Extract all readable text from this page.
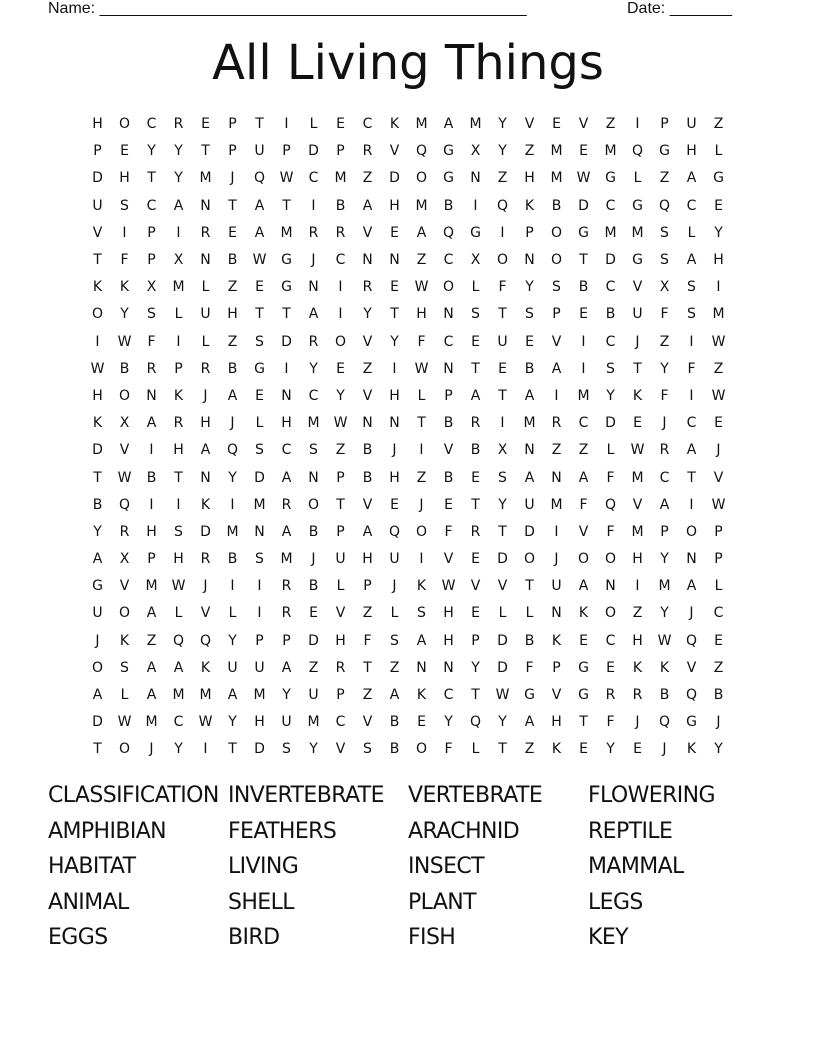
Name: ________________________________________________	Date: _______
All Living Things
H	O	C	R	E	P	T	I	L	E	C	K	M	A	M	Y	V	E	V	Z	I	P	U	Z
P	E	Y	Y	T	P	U	P	D	P	R	V	Q	G	X	Y	Z	M	E	M	Q	G	H	L
D	H	T	Y	M	J	Q	W	C	M	Z	D	O	G	N	Z	H	M	W	G	L	Z	A	G
U	S	C	A	N	T	A	T	I	B	A	H	M	B	I	Q	K	B	D	C	G	Q	C	E
V	I	P	I	R	E	A	M	R	R	V	E	A	Q	G	I	P	O	G	M	M	S	L	Y
T	F	P	X	N	B	W	G	J	C	N	N	Z	C	X	O	N	O	T	D	G	S	A	H
K	K	X	M	L	Z	E	G	N	I	R	E	W	O	L	F	Y	S	B	C	V	X	S	I
O	Y	S	L	U	H	T	T	A	I	Y	T	H	N	S	T	S	P	E	B	U	F	S	M
I	W	F	I	L	Z	S	D	R	O	V	Y	F	C	E	U	E	V	I	C	J	Z	I	W
W	B	R	P	R	B	G	I	Y	E	Z	I	W	N	T	E	B	A	I	S	T	Y	F	Z
H	O	N	K	J	A	E	N	C	Y	V	H	L	P	A	T	A	I	M	Y	K	F	I	W
K	X	A	R	H	J	L	H	M	W	N	N	T	B	R	I	M	R	C	D	E	J	C	E
D	V	I	H	A	Q	S	C	S	Z	B	J	I	V	B	X	N	Z	Z	L	W	R	A	J
T	W	B	T	N	Y	D	A	N	P	B	H	Z	B	E	S	A	N	A	F	M	C	T	V
B	Q	I	I	K	I	M	R	O	T	V	E	J	E	T	Y	U	M	F	Q	V	A	I	W
Y	R	H	S	D	M	N	A	B	P	A	Q	O	F	R	T	D	I	V	F	M	P	O	P
A	X	P	H	R	B	S	M	J	U	H	U	I	V	E	D	O	J	O	O	H	Y	N	P
G	V	M	W	J	I	I	R	B	L	P	J	K	W	V	V	T	U	A	N	I	M	A	L
U	O	A	L	V	L	I	R	E	V	Z	L	S	H	E	L	L	N	K	O	Z	Y	J	C
J	K	Z	Q	Q	Y	P	P	D	H	F	S	A	H	P	D	B	K	E	C	H	W	Q	E
O	S	A	A	K	U	U	A	Z	R	T	Z	N	N	Y	D	F	P	G	E	K	K	V	Z
A	L	A	M	M	A	M	Y	U	P	Z	A	K	C	T	W	G	V	G	R	R	B	Q	B
D	W	M	C	W	Y	H	U	M	C	V	B	E	Y	Q	Y	A	H	T	F	J	Q	G	J
T	O	J	Y	I	T	D	S	Y	V	S	B	O	F	L	T	Z	K	E	Y	E	J	K	Y
CLASSIFICATION INVERTEBRATE	VERTEBRATE	FLOWERING
AMPHIBIAN	FEATHERS	ARACHNID	REPTILE
HABITAT	LIVING	INSECT	MAMMAL
ANIMAL	SHELL	PLANT	LEGS
EGGS	BIRD	FISH	KEY
